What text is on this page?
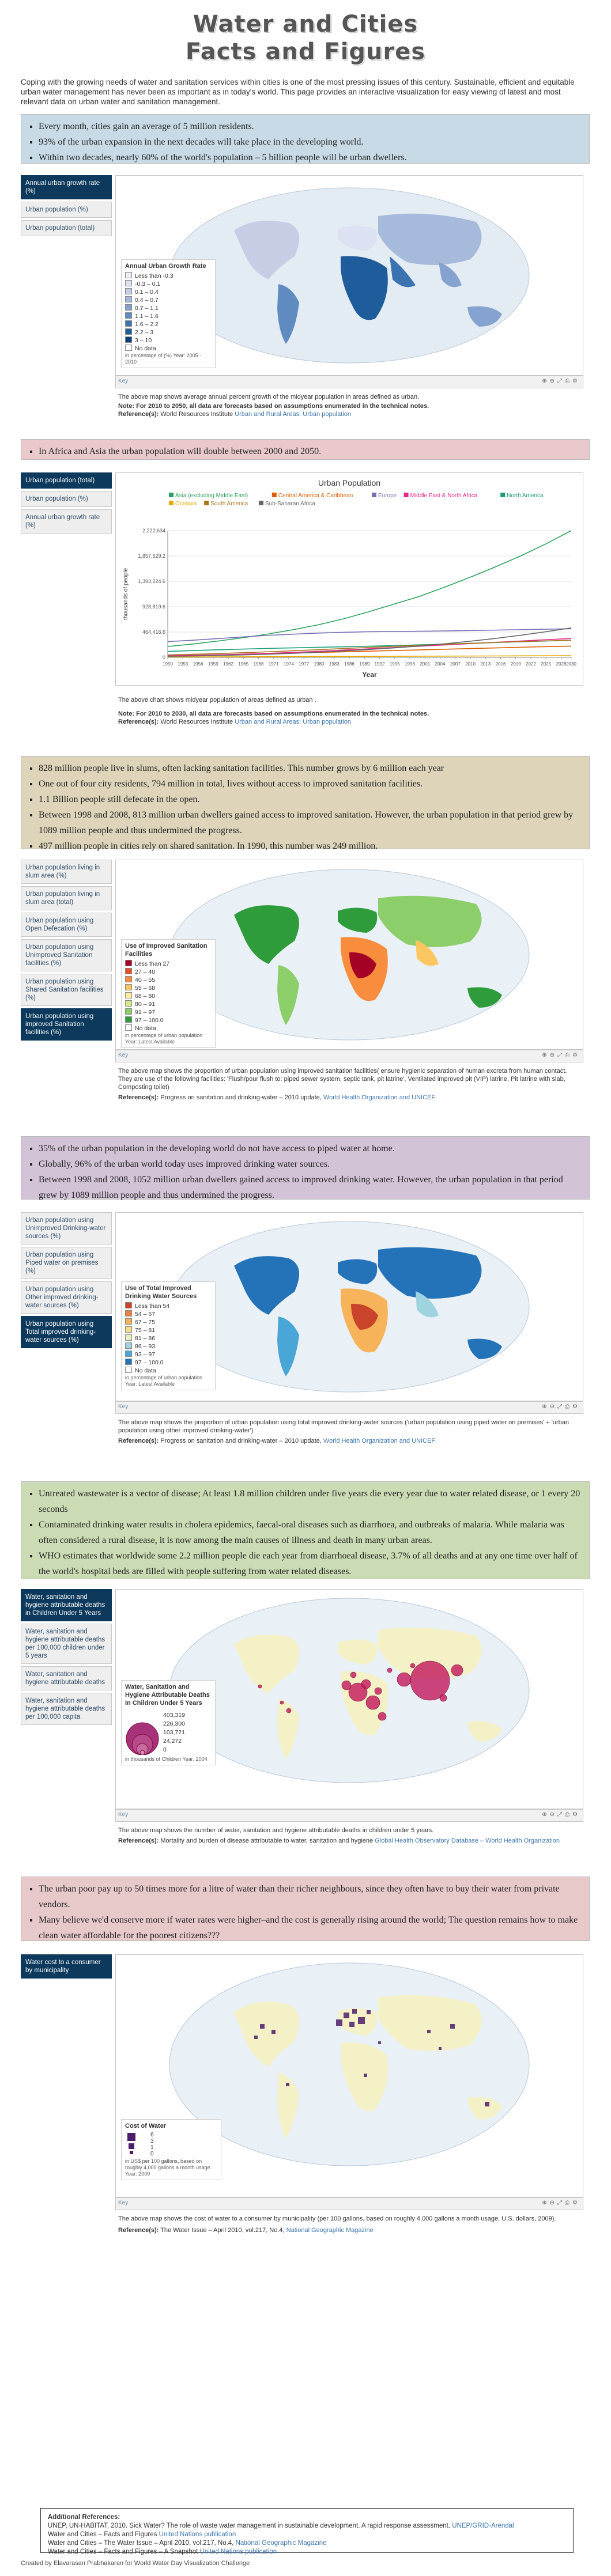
Water and Cities
Facts and Figures
Coping with the growing needs of water and sanitation services within cities is one of the most pressing issues of this century. Sustainable, efficient and equitable urban water management has never been as important as in today's world. This page provides an interactive visualization for easy viewing of latest and most relevant data on urban water and sanitation management.
▪ Every month, cities gain an average of 5 million residents.
▪ 93% of the urban expansion in the next decades will take place in the developing world.
▪ Within two decades, nearly 60% of the world's population – 5 billion people will be urban dwellers.
Annual urban growth rate (%)
Urban population (%)
Urban population (total)
Annual Urban Growth Rate
Less than -0.3
-0.3 – 0.1
0.1 – 0.4
0.4 – 0.7
0.7 – 1.1
1.1 – 1.6
1.6 – 2.2
2.2 – 3
3 – 10
No data
in percentage of (%) Year: 2005 - 2010
Key	⊕⊖⤢⎙⚙
The above map shows average annual percent growth of the midyear population in areas defined as urban.
Note: For 2010 to 2050, all data are forecasts based on assumptions enumerated in the technical notes.
Reference(s): World Resources Institute Urban and Rural Areas: Urban population
▪ In Africa and Asia the urban population will double between 2000 and 2050.
Urban population (total)
Urban population (%)
Annual urban growth rate (%)
Urban Population
Asia (excluding Middle East)	Central America & Caribbean	Europe Middle East & North Africa	North America
Oceania South America	Sub-Saharan Africa
0
464,416.6
928,819.6
1,393,224.6
1,857,629.2
2,222,634
1950 1953 1956 1959 1962 1965 1968 1971 1974 1977 1980 1983 1986 1989 1992 1995 1998 2001 2004 2007 2010 2013 2016 2019 2022 2025 2028 2030
Year
thousands of people
The above chart shows midyear population of areas defined as urban .
Note: For 2010 to 2030, all data are forecasts based on assumptions enumerated in the technical notes.
Reference(s): World Resources Institute Urban and Rural Areas: Urban population
▪ 828 million people live in slums, often lacking sanitation facilities. This number grows by 6 million each year
▪ One out of four city residents, 794 million in total, lives without access to improved sanitation facilities.
▪ 1.1 Billion people still defecate in the open.
▪ Between 1998 and 2008, 813 million urban dwellers gained access to improved sanitation. However, the urban population in that period grew by 1089 million people and thus undermined the progress.
▪ 497 million people in cities rely on shared sanitation. In 1990, this number was 249 million.
Urban population living in slum area (%)
Urban population living in slum area (total)
Urban population using Open Defecation (%)
Urban population using Unimproved Sanitation facilities (%)
Urban population using Shared Sanitation facilities (%)
Urban population using improved Sanitation facilities (%)
Use of Improved Sanitation Facilities
Less than 27
27 – 40
40 – 55
55 – 68
68 – 80
80 – 91
91 – 97
97 – 100.0
No data
in percentage of urban population Year: Latest Available
Key	⊕⊖⤢⎙⚙
The above map shows the proportion of urban population using improved sanitation facilities( ensure hygienic separation of human excreta from human contact. They are use of the following facilities: 'Flush/pour flush to: piped sewer system, septic tank, pit latrine', Ventilated improved pit (VIP) latrine, Pit latrine with slab, Composting toilet)
Reference(s): Progress on sanitation and drinking-water – 2010 update, World Health Organization and UNICEF
▪ 35% of the urban population in the developing world do not have access to piped water at home.
▪ Globally, 96% of the urban world today uses improved drinking water sources.
▪ Between 1998 and 2008, 1052 million urban dwellers gained access to improved drinking water. However, the urban population in that period grew by 1089 million people and thus undermined the progress.
Urban population using Unimproved Drinking-water sources (%)
Urban population using Piped water on premises (%)
Urban population using Other improved drinking-water sources (%)
Urban population using Total improved drinking-water sources (%)
Use of Total Improved Drinking Water Sources
Less than 54
54 – 67
67 – 75
75 – 81
81 – 86
86 – 93
93 – 97
97 – 100.0
No data
in percentage of urban population Year: Latest Available
Key	⊕⊖⤢⎙⚙
The above map shows the proportion of urban population using total improved drinking-water sources ('urban population using piped water on premises' + 'urban population using other improved drinking-water')
Reference(s): Progress on sanitation and drinking-water – 2010 update, World Health Organization and UNICEF
▪ Untreated wastewater is a vector of disease; At least 1.8 million children under five years die every year due to water related disease, or 1 every 20 seconds
▪ Contaminated drinking water results in cholera epidemics, faecal-oral diseases such as diarrhoea, and outbreaks of malaria. While malaria was often considered a rural disease, it is now among the main causes of illness and death in many urban areas.
▪ WHO estimates that worldwide some 2.2 million people die each year from diarrhoeal disease, 3.7% of all deaths and at any one time over half of the world's hospital beds are filled with people suffering from water related diseases.
Water, sanitation and hygiene attributable deaths in Children Under 5 Years
Water, sanitation and hygiene attributable deaths per 100,000 children under 5 years
Water, sanitation and hygiene attributable deaths
Water, sanitation and hygiene attributable deaths per 100,000 capita
Water, Sanitation and Hygiene Attributable Deaths In Children Under 5 Years
403,319
226,300
103,721
24,272
0
in thousands of Children Year: 2004
Key	⊕⊖⤢⎙⚙
The above map shows the number of water, sanitation and hygiene attributable deaths in children under 5 years.
Reference(s): Mortality and burden of disease attributable to water, sanitation and hygiene Global Health Observatory Database – World Health Organization
▪ The urban poor pay up to 50 times more for a litre of water than their richer neighbours, since they often have to buy their water from private vendors.
▪ Many believe we'd conserve more if water rates were higher–and the cost is generally rising around the world; The question remains how to make clean water affordable for the poorest citizens???
Water cost to a consumer by municipality
Cost of Water
6
3
1
0
in US$ per 100 gallons, based on roughly 4,000 gallons a month usage. Year: 2009
Key	⊕⊖⤢⎙⚙
The above map shows the cost of water to a consumer by municipality (per 100 gallons, based on roughly 4,000 gallons a month usage, U.S. dollars, 2009).
Reference(s): The Water Issue – April 2010, vol.217, No.4, National Geographic Magazine
Additional References:
UNEP, UN-HABITAT, 2010. Sick Water? The role of waste water management in sustainable development. A rapid response assessment. UNEP/GRID-Arendal
Water and Cities – Facts and Figures United Nations publication
Water and Cities – The Water Issue – April 2010, vol.217, No.4, National Geographic Magazine
Water and Cities – Facts and Figures – A Snapshot United Nations publication
Created by Elavarasan Prabhakaran for World Water Day Visualization Challenge
